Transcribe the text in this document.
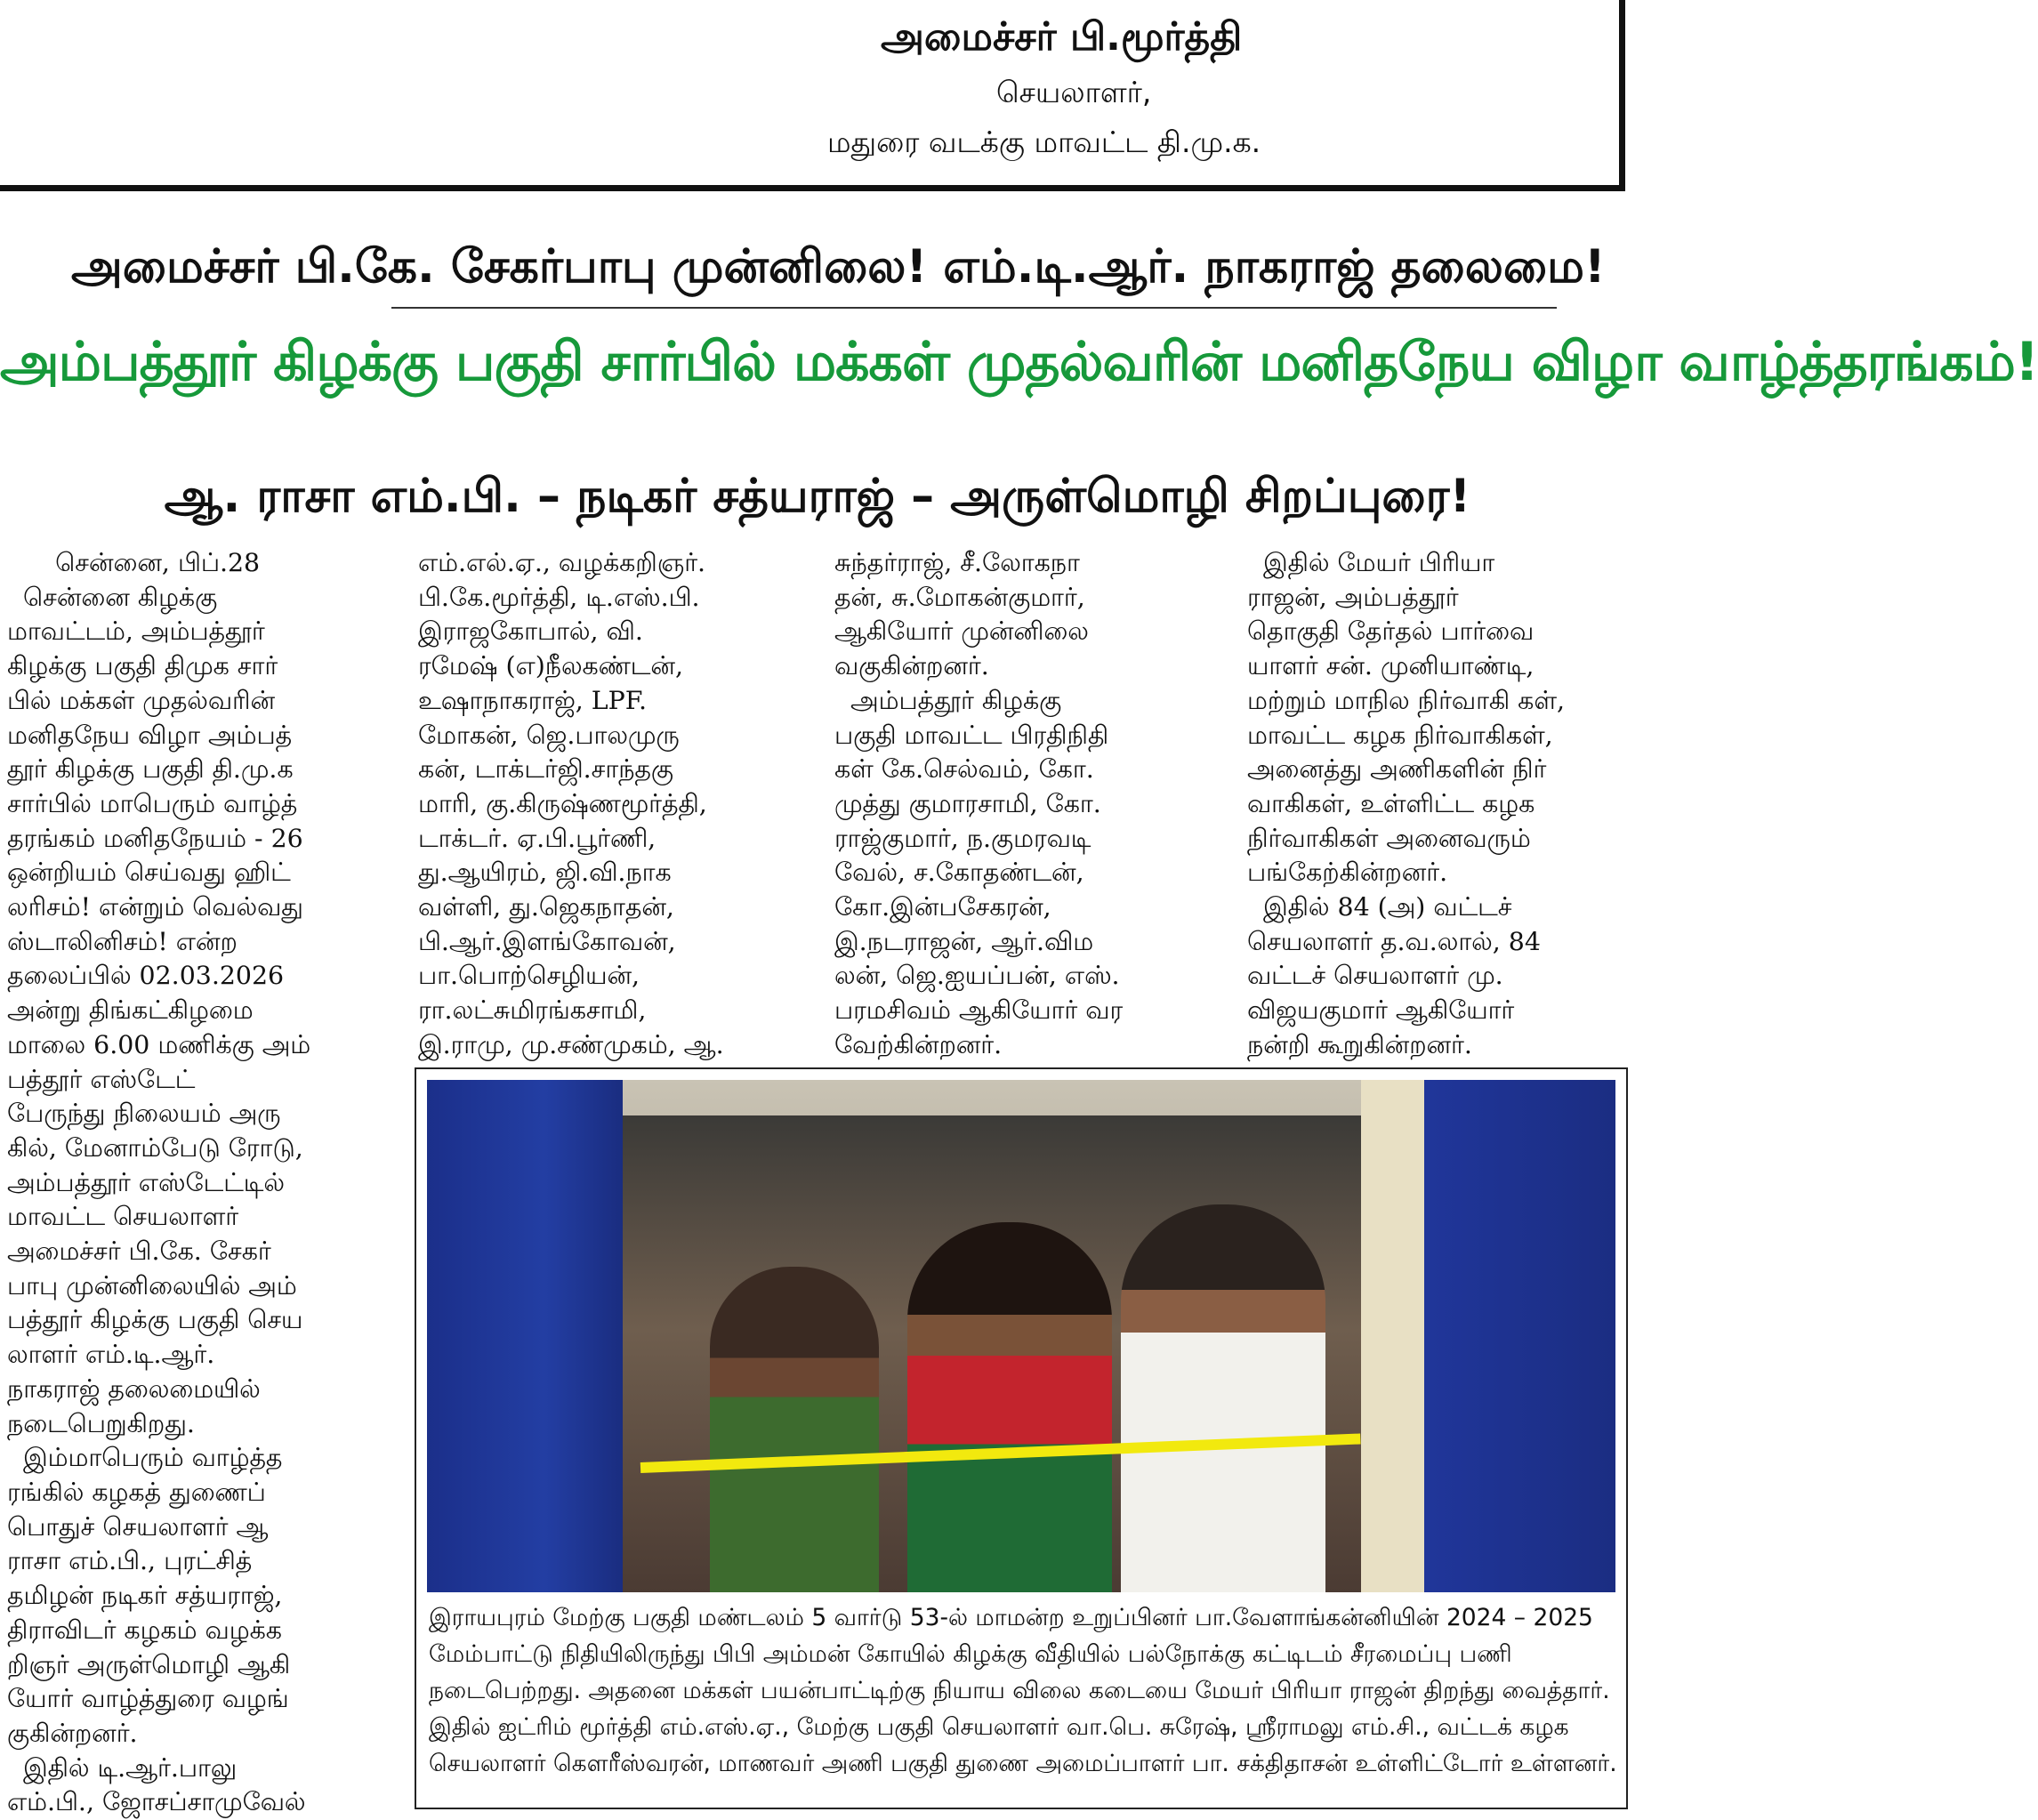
அமைச்சர் பி.மூர்த்தி
செயலாளர்,
மதுரை வடக்கு மாவட்ட தி.மு.க.
அமைச்சர் பி.கே. சேகர்பாபு முன்னிலை! எம்.டி.ஆர். நாகராஜ் தலைமை!
அம்பத்தூர் கிழக்கு பகுதி சார்பில் மக்கள் முதல்வரின் மனிதநேய விழா வாழ்த்தரங்கம்!
ஆ. ராசா எம்.பி. – நடிகர் சத்யராஜ் – அருள்மொழி சிறப்புரை!
சென்னை, பிப்.28
சென்னை கிழக்கு
மாவட்டம், அம்பத்தூர்
கிழக்கு பகுதி திமுக சார்
பில் மக்கள் முதல்வரின்
மனிதநேய விழா அம்பத்
தூர் கிழக்கு பகுதி தி.மு.க
சார்பில் மாபெரும் வாழ்த்
தரங்கம் மனிதநேயம் - 26
ஒன்றியம் செய்வது ஹிட்
லரிசம்! என்றும் வெல்வது
ஸ்டாலினிசம்! என்ற
தலைப்பில் 02.03.2026
அன்று திங்கட்கிழமை
மாலை 6.00 மணிக்கு அம்
பத்தூர் எஸ்டேட்
பேருந்து நிலையம் அரு
கில், மேனாம்பேடு ரோடு,
அம்பத்தூர் எஸ்டேட்டில்
மாவட்ட செயலாளர்
அமைச்சர் பி.கே. சேகர்
பாபு முன்னிலையில் அம்
பத்தூர் கிழக்கு பகுதி செய
லாளர் எம்.டி.ஆர்.
நாகராஜ் தலைமையில்
நடைபெறுகிறது.
இம்மாபெரும் வாழ்த்த
ரங்கில் கழகத் துணைப்
பொதுச் செயலாளர் ஆ
ராசா எம்.பி., புரட்சித்
தமிழன் நடிகர் சத்யராஜ்,
திராவிடர் கழகம் வழக்க
றிஞர் அருள்மொழி ஆகி
யோர் வாழ்த்துரை வழங்
குகின்றனர்.
இதில் டி.ஆர்.பாலு
எம்.பி., ஜோசப்சாமுவேல்
எம்.எல்.ஏ., வழக்கறிஞர்.
பி.கே.மூர்த்தி, டி.எஸ்.பி.
இராஜகோபால், வி.
ரமேஷ் (எ)நீலகண்டன்,
உஷாநாகராஜ், LPF.
மோகன், ஜெ.பாலமுரு
கன், டாக்டர்ஜி.சாந்தகு
மாரி, கு.கிருஷ்ணமூர்த்தி,
டாக்டர். ஏ.பி.பூர்ணி,
து.ஆயிரம், ஜி.வி.நாக
வள்ளி, து.ஜெகநாதன்,
பி.ஆர்.இளங்கோவன்,
பா.பொற்செழியன்,
ரா.லட்சுமிரங்கசாமி,
இ.ராமு, மு.சண்முகம், ஆ.
சுந்தர்ராஜ், சீ.லோகநா
தன், சு.மோகன்குமார்,
ஆகியோர் முன்னிலை
வகுகின்றனர்.
அம்பத்தூர் கிழக்கு
பகுதி மாவட்ட பிரதிநிதி
கள் கே.செல்வம், கோ.
முத்து குமாரசாமி, கோ.
ராஜ்குமார், ந.குமரவடி
வேல், ச.கோதண்டன்,
கோ.இன்பசேகரன்,
இ.நடராஜன், ஆர்.விம
லன், ஜெ.ஐயப்பன், எஸ்.
பரமசிவம் ஆகியோர் வர
வேற்கின்றனர்.
இதில் மேயர் பிரியா
ராஜன், அம்பத்தூர்
தொகுதி தேர்தல் பார்வை
யாளர் சன். முனியாண்டி,
மற்றும் மாநில நிர்வாகி கள்,
மாவட்ட கழக நிர்வாகிகள்,
அனைத்து அணிகளின் நிர்
வாகிகள், உள்ளிட்ட கழக
நிர்வாகிகள் அனைவரும்
பங்கேற்கின்றனர்.
இதில் 84 (அ) வட்டச்
செயலாளர் த.வ.லால், 84
வட்டச் செயலாளர் மு.
விஜயகுமார் ஆகியோர்
நன்றி கூறுகின்றனர்.
இராயபுரம் மேற்கு பகுதி மண்டலம் 5 வார்டு 53-ல் மாமன்ற உறுப்பினர் பா.வேளாங்கன்னியின் 2024 – 2025
மேம்பாட்டு நிதியிலிருந்து பிபி அம்மன் கோயில் கிழக்கு வீதியில் பல்நோக்கு கட்டிடம் சீரமைப்பு பணி
நடைபெற்றது. அதனை மக்கள் பயன்பாட்டிற்கு நியாய விலை கடையை மேயர் பிரியா ராஜன் திறந்து வைத்தார்.
இதில் ஐட்ரிம் மூர்த்தி எம்.எஸ்.ஏ., மேற்கு பகுதி செயலாளர் வா.பெ. சுரேஷ், ஸ்ரீராமலு எம்.சி., வட்டக் கழக
செயலாளர் கௌரீஸ்வரன், மாணவர் அணி பகுதி துணை அமைப்பாளர் பா. சக்திதாசன் உள்ளிட்டோர் உள்ளனர்.
